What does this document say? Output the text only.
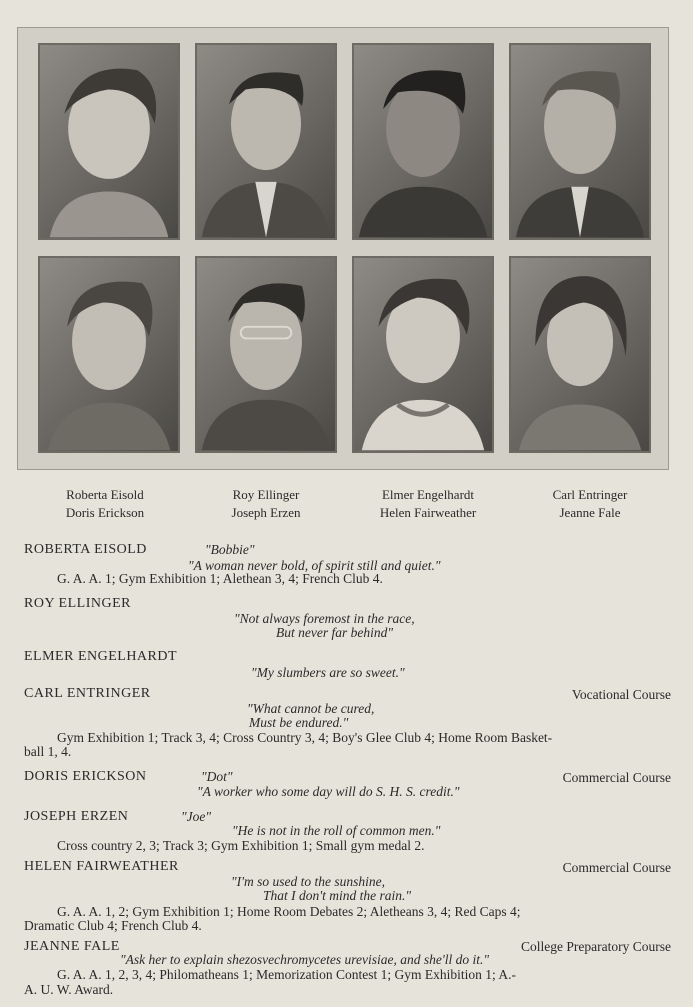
Roberta Eisold	Roy Ellinger	Elmer Engelhardt	Carl Entringer
Doris Erickson	Joseph Erzen	Helen Fairweather	Jeanne Fale
ROBERTA EISOLD	"Bobbie"
"A woman never bold, of spirit still and quiet."
G. A. A. 1; Gym Exhibition 1; Alethean 3, 4; French Club 4.
ROY ELLINGER
"Not always foremost in the race,
But never far behind"
ELMER ENGELHARDT
"My slumbers are so sweet."
CARL ENTRINGER	Vocational Course
"What cannot be cured,
Must be endured."
Gym Exhibition 1; Track 3, 4; Cross Country 3, 4; Boy's Glee Club 4; Home Room Basket-
ball 1, 4.
DORIS ERICKSON	"Dot"	Commercial Course
"A worker who some day will do S. H. S. credit."
JOSEPH ERZEN	"Joe"
"He is not in the roll of common men."
Cross country 2, 3; Track 3; Gym Exhibition 1; Small gym medal 2.
HELEN FAIRWEATHER	Commercial Course
"I'm so used to the sunshine,
That I don't mind the rain."
G. A. A. 1, 2; Gym Exhibition 1; Home Room Debates 2; Aletheans 3, 4; Red Caps 4;
Dramatic Club 4; French Club 4.
JEANNE FALE	College Preparatory Course
"Ask her to explain shezosvechromycetes urevisiae, and she'll do it."
G. A. A. 1, 2, 3, 4; Philomatheans 1; Memorization Contest 1; Gym Exhibition 1; A.-
A. U. W. Award.
